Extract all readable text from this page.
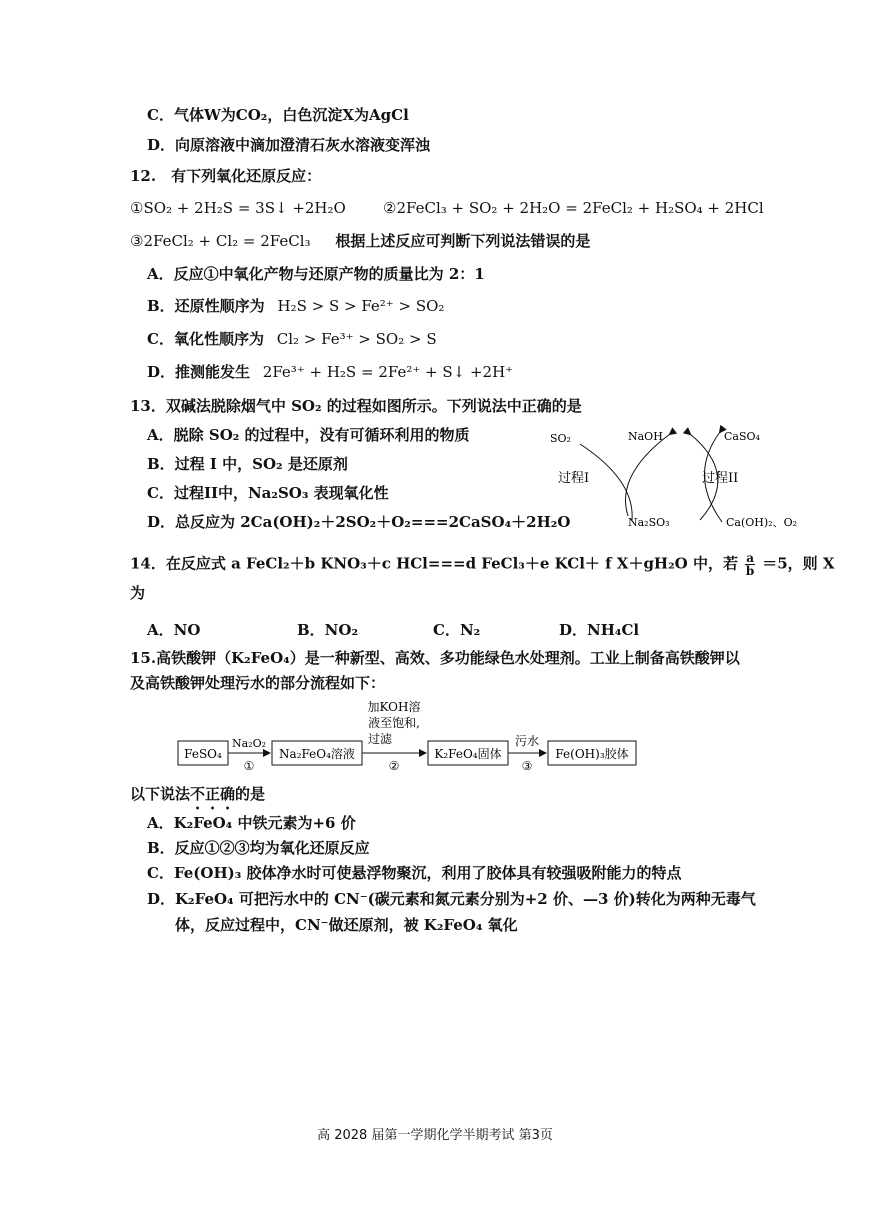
C．气体W为CO₂，白色沉淀X为AgCl
D．向原溶液中滴加澄清石灰水溶液变浑浊
12.　有下列氧化还原反应：
①SO₂ + 2H₂S = 3S↓ +2H₂O ②2FeCl₃ + SO₂ + 2H₂O = 2FeCl₂ + H₂SO₄ + 2HCl
③2FeCl₂ + Cl₂ = 2FeCl₃ 根据上述反应可判断下列说法错误的是
A．反应①中氧化产物与还原产物的质量比为 2：1
B．还原性顺序为 H₂S > S > Fe²⁺ > SO₂
C．氧化性顺序为 Cl₂ > Fe³⁺ > SO₂ > S
D．推测能发生 2Fe³⁺ + H₂S = 2Fe²⁺ + S↓ +2H⁺
13．双碱法脱除烟气中 SO₂ 的过程如图所示。下列说法中正确的是
A．脱除 SO₂ 的过程中，没有可循环利用的物质
B．过程 I 中，SO₂ 是还原剂
C．过程II中，Na₂SO₃ 表现氧化性
D．总反应为 2Ca(OH)₂＋2SO₂＋O₂===2CaSO₄＋2H₂O
SO₂	NaOH	CaSO₄
过程I	过程II
Na₂SO₃	Ca(OH)₂、O₂
14．在反应式 a FeCl₂＋b KNO₃＋c HCl===d FeCl₃＋e KCl＋ f X＋gH₂O 中，若 $\frac{a}{b} =5$，则 X
为
A．NO	B．NO₂	C．N₂	D．NH₄Cl
15.高铁酸钾（K₂FeO₄）是一种新型、高效、多功能绿色水处理剂。工业上制备高铁酸钾以
及高铁酸钾处理污水的部分流程如下：
FeSO₄	Na₂FeO₄溶液	K₂FeO₄固体	Fe(OH)₃胶体
Na₂O₂
①
加KOH溶
液至饱和,
过滤
②
污水
③
以下说法不正确的是
A．K₂FeO₄ 中铁元素为+6 价
B．反应①②③均为氧化还原反应
C．Fe(OH)₃ 胶体净水时可使悬浮物聚沉，利用了胶体具有较强吸附能力的特点
D．K₂FeO₄ 可把污水中的 CN⁻(碳元素和氮元素分别为+2 价、—3 价)转化为两种无毒气
体，反应过程中，CN⁻做还原剂，被 K₂FeO₄ 氧化
高 2028 届第一学期化学半期考试 第3页
